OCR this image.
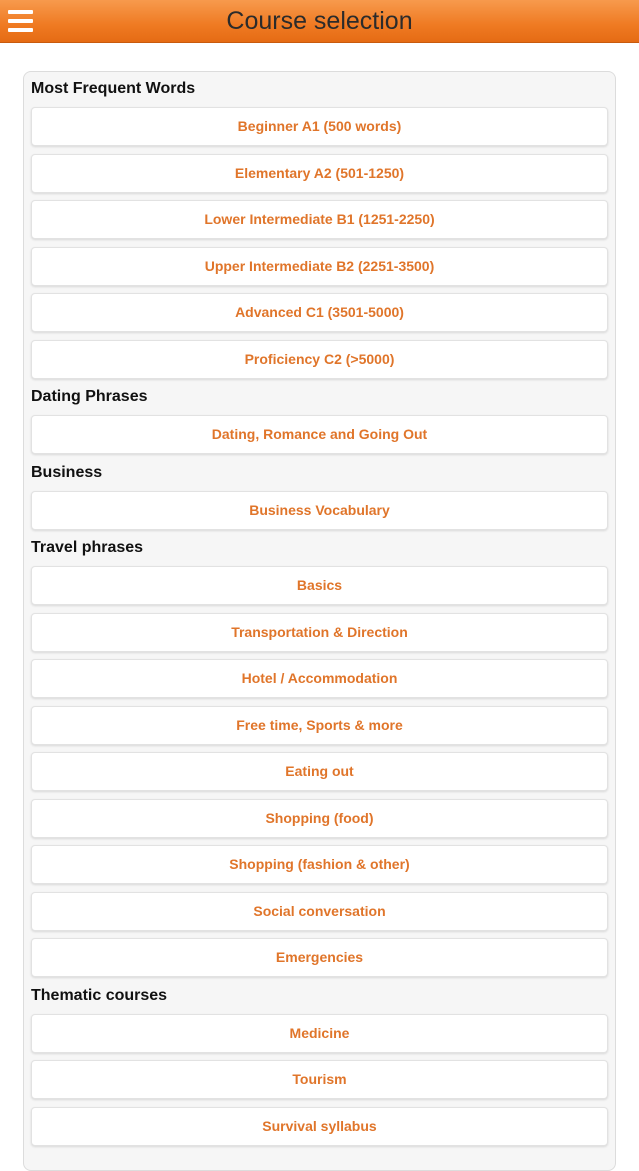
Course selection
Most Frequent Words
Beginner A1 (500 words)
Elementary A2 (501-1250)
Lower Intermediate B1 (1251-2250)
Upper Intermediate B2 (2251-3500)
Advanced C1 (3501-5000)
Proficiency C2 (>5000)
Dating Phrases
Dating, Romance and Going Out
Business
Business Vocabulary
Travel phrases
Basics
Transportation & Direction
Hotel / Accommodation
Free time, Sports & more
Eating out
Shopping (food)
Shopping (fashion & other)
Social conversation
Emergencies
Thematic courses
Medicine
Tourism
Survival syllabus
